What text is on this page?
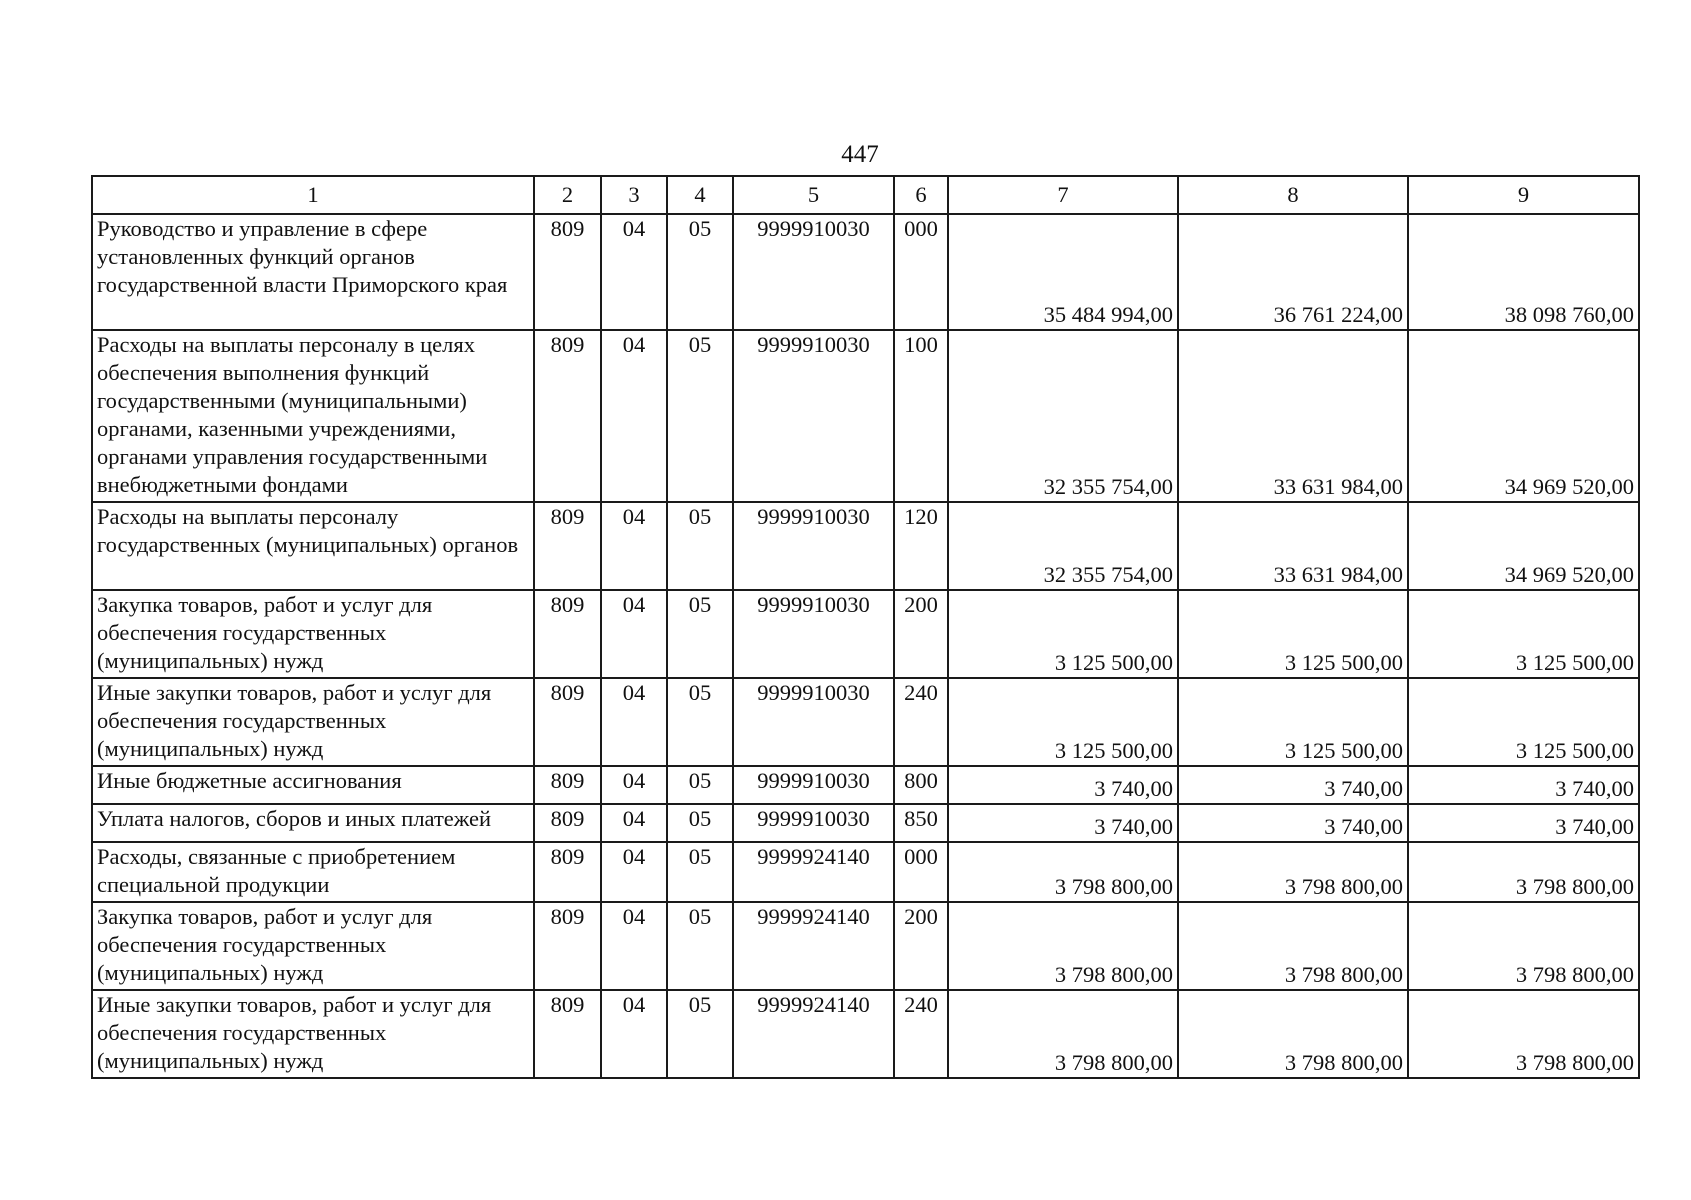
447
1	2	3	4	5	6	7	8	9
Руководство и управление в сфере установленных функций органов государственной власти Приморского края	809	04	05	9999910030	000	35 484 994,00	36 761 224,00	38 098 760,00
Расходы на выплаты персоналу в целях обеспечения выполнения функций государственными (муниципальными) органами, казенными учреждениями, органами управления государственными внебюджетными фондами	809	04	05	9999910030	100	32 355 754,00	33 631 984,00	34 969 520,00
Расходы на выплаты персоналу государственных (муниципальных) органов	809	04	05	9999910030	120	32 355 754,00	33 631 984,00	34 969 520,00
Закупка товаров, работ и услуг для обеспечения государственных (муниципальных) нужд	809	04	05	9999910030	200	3 125 500,00	3 125 500,00	3 125 500,00
Иные закупки товаров, работ и услуг для обеспечения государственных (муниципальных) нужд	809	04	05	9999910030	240	3 125 500,00	3 125 500,00	3 125 500,00
Иные бюджетные ассигнования	809	04	05	9999910030	800	3 740,00	3 740,00	3 740,00
Уплата налогов, сборов и иных платежей	809	04	05	9999910030	850	3 740,00	3 740,00	3 740,00
Расходы, связанные с приобретением специальной продукции	809	04	05	9999924140	000	3 798 800,00	3 798 800,00	3 798 800,00
Закупка товаров, работ и услуг для обеспечения государственных (муниципальных) нужд	809	04	05	9999924140	200	3 798 800,00	3 798 800,00	3 798 800,00
Иные закупки товаров, работ и услуг для обеспечения государственных (муниципальных) нужд	809	04	05	9999924140	240	3 798 800,00	3 798 800,00	3 798 800,00
